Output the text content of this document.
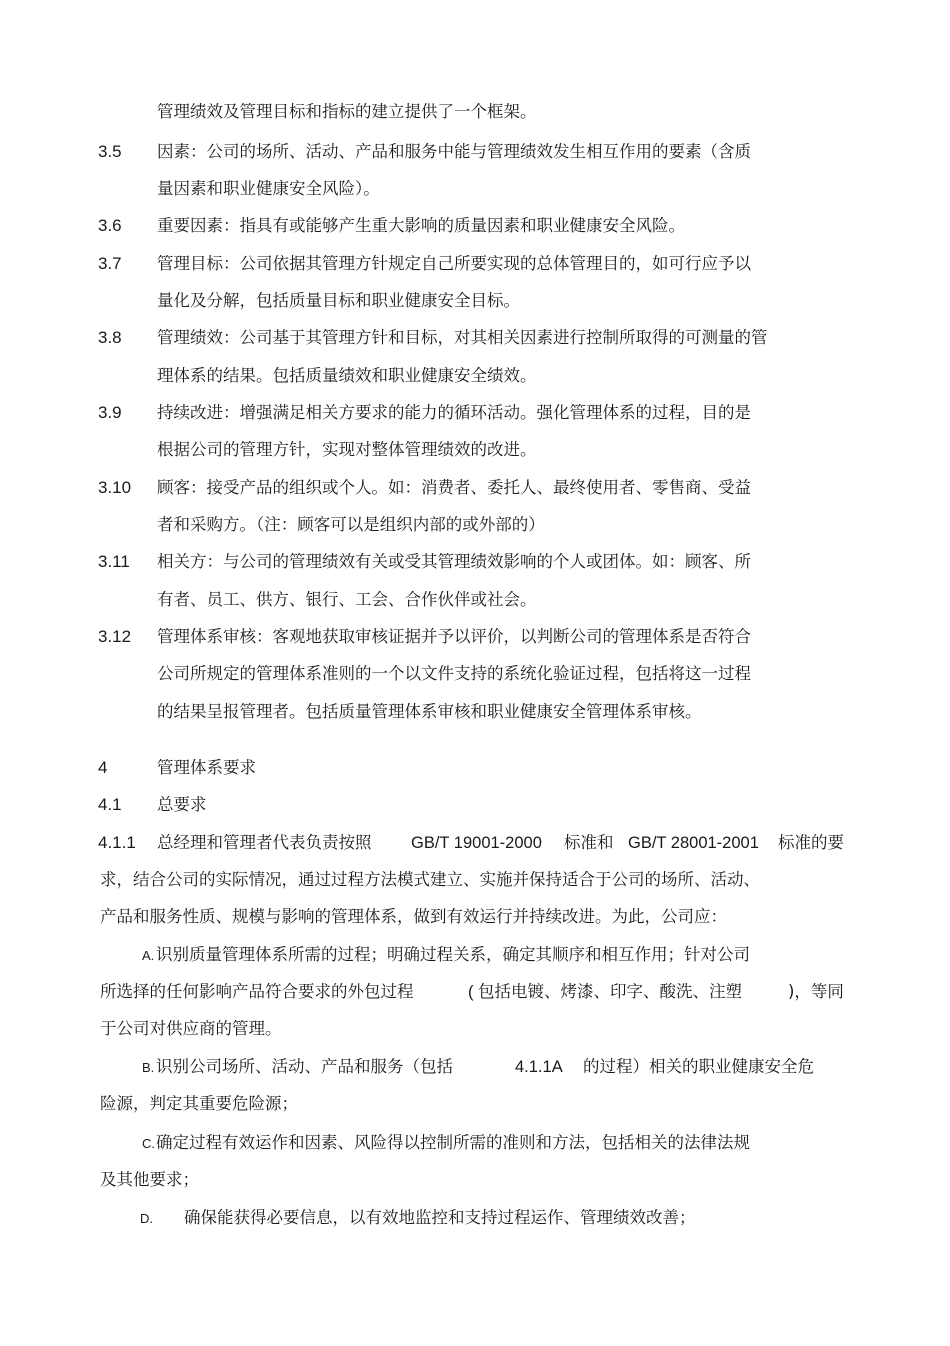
管理绩效及管理目标和指标的建立提供了一个框架。
3.5 因素：公司的场所、活动、产品和服务中能与管理绩效发生相互作用的要素（含质
量因素和职业健康安全风险）。
3.6 重要因素：指具有或能够产生重大影响的质量因素和职业健康安全风险。
3.7 管理目标：公司依据其管理方针规定自己所要实现的总体管理目的，如可行应予以
量化及分解，包括质量目标和职业健康安全目标。
3.8 管理绩效：公司基于其管理方针和目标，对其相关因素进行控制所取得的可测量的管
理体系的结果。包括质量绩效和职业健康安全绩效。
3.9 持续改进：增强满足相关方要求的能力的循环活动。强化管理体系的过程，目的是
根据公司的管理方针，实现对整体管理绩效的改进。
3.10 顾客：接受产品的组织或个人。如：消费者、委托人、最终使用者、零售商、受益
者和采购方。（注：顾客可以是组织内部的或外部的）
3.11 相关方：与公司的管理绩效有关或受其管理绩效影响的个人或团体。如：顾客、所
有者、员工、供方、银行、工会、合作伙伴或社会。
3.12 管理体系审核：客观地获取审核证据并予以评价，以判断公司的管理体系是否符合
公司所规定的管理体系准则的一个以文件支持的系统化验证过程，包括将这一过程
的结果呈报管理者。包括质量管理体系审核和职业健康安全管理体系审核。
4	管理体系要求
4.1 总要求
4.1.1 总经理和管理者代表负责按照 GB/T 19001-2000 标准和 GB/T 28001-2001 标准的要
求，结合公司的实际情况，通过过程方法模式建立、实施并保持适合于公司的场所、活动、
产品和服务性质、规模与影响的管理体系，做到有效运行并持续改进。为此，公司应：
A. 识别质量管理体系所需的过程；明确过程关系，确定其顺序和相互作用；针对公司
所选择的任何影响产品符合要求的外包过程	( 包括电镀、烤漆、印字、酸洗、注塑	)，等同
于公司对供应商的管理。
B. 识别公司场所、活动、产品和服务（包括	4.1.1A 的过程）相关的职业健康安全危
险源，判定其重要危险源；
C. 确定过程有效运作和因素、风险得以控制所需的准则和方法，包括相关的法律法规
及其他要求；
D. 确保能获得必要信息，以有效地监控和支持过程运作、管理绩效改善；
